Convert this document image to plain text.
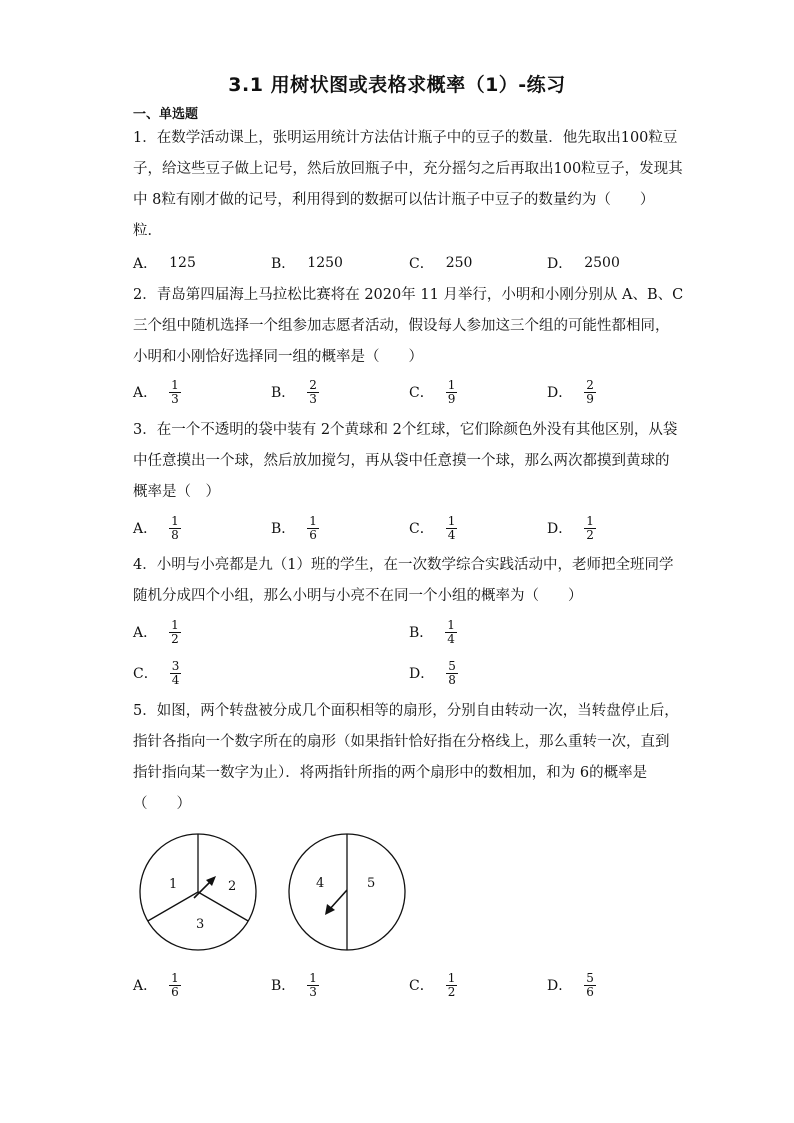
3.1 用树状图或表格求概率（1）-练习
一、单选题
1．在数学活动课上，张明运用统计方法估计瓶子中的豆子的数量．他先取出100粒豆
子，给这些豆子做上记号，然后放回瓶子中，充分摇匀之后再取出100粒豆子，发现其
中 8粒有刚才做的记号，利用得到的数据可以估计瓶子中豆子的数量约为（　　）
粒．
A． 125	B． 1250	C． 250	D． 2500
2．青岛第四届海上马拉松比赛将在 2020年 11 月举行，小明和小刚分别从 A、B、C
三个组中随机选择一个组参加志愿者活动，假设每人参加这三个组的可能性都相同，
小明和小刚恰好选择同一组的概率是（　　）
A． $\frac{1}{3}$	B． $\frac{2}{3}$	C． $\frac{1}{9}$	D． $\frac{2}{9}$
3．在一个不透明的袋中装有 2个黄球和 2个红球，它们除颜色外没有其他区别，从袋
中任意摸出一个球，然后放加搅匀，再从袋中任意摸一个球，那么两次都摸到黄球的
概率是（　）
A． $\frac{1}{8}$	B． $\frac{1}{6}$	C． $\frac{1}{4}$	D． $\frac{1}{2}$
4．小明与小亮都是九（1）班的学生，在一次数学综合实践活动中，老师把全班同学
随机分成四个小组，那么小明与小亮不在同一个小组的概率为（　　）
A． $\frac{1}{2}$	B． $\frac{1}{4}$
C． $\frac{3}{4}$	D． $\frac{5}{8}$
5．如图，两个转盘被分成几个面积相等的扇形，分别自由转动一次，当转盘停止后，
指针各指向一个数字所在的扇形（如果指针恰好指在分格线上，那么重转一次，直到
指针指向某一数字为止）．将两指针所指的两个扇形中的数相加，和为 6的概率是
（　　）
1	2
3
4	5
A． $\frac{1}{6}$	B． $\frac{1}{3}$	C． $\frac{1}{2}$	D． $\frac{5}{6}$
